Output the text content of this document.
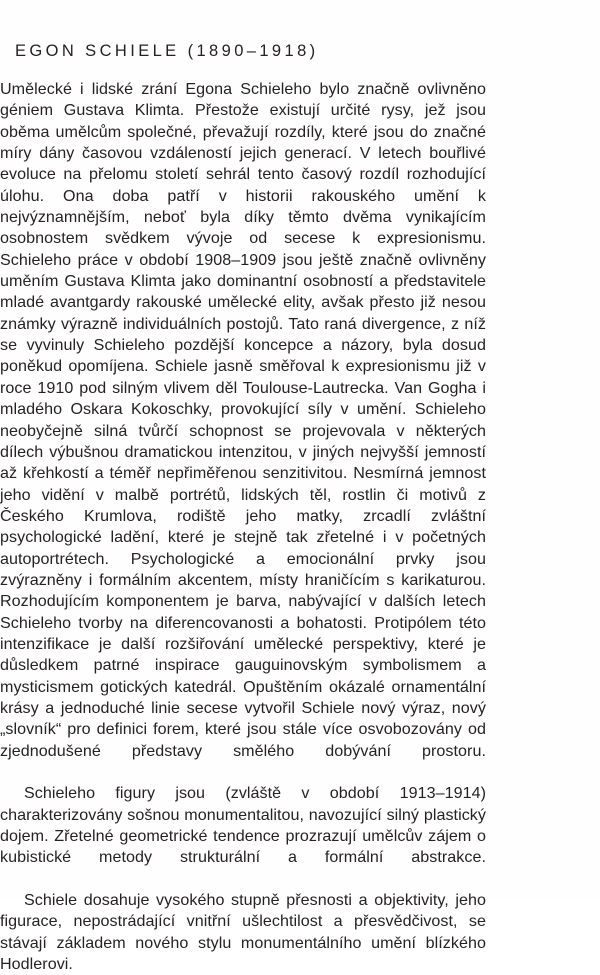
EGON SCHIELE (1890–1918)

Umělecké i lidské zrání Egona Schieleho bylo značně ovlivněno géniem Gustava Klimta. Přestože existují určité rysy, jež jsou oběma umělcům společné, převažují rozdíly, které jsou do značné míry dány časovou vzdáleností jejich generací. V letech bouřlivé evoluce na přelomu století sehrál tento časový rozdíl rozhodující úlohu. Ona doba patří v historii rakouského umění k nejvýznamnějším, neboť byla díky těmto dvěma vynikajícím osobnostem svědkem vývoje od secese k expresionismu. Schieleho práce v období 1908–1909 jsou ještě značně ovlivněny uměním Gustava Klimta jako dominantní osobností a představitele mladé avantgardy rakouské umělecké elity, avšak přesto již nesou známky výrazně individuálních postojů. Tato raná divergence, z níž se vyvinuly Schieleho pozdější koncepce a názory, byla dosud poněkud opomíjena. Schiele jasně směřoval k expresionismu již v roce 1910 pod silným vlivem děl Toulouse-Lautrecka. Van Gogha i mladého Oskara Kokoschky, provokující síly v umění. Schieleho neobyčejně silná tvůrčí schopnost se projevovala v některých dílech výbušnou dramatickou intenzitou, v jiných nejvyšší jemností až křehkostí a téměř nepřiměřenou senzitivitou. Nesmírná jemnost jeho vidění v malbě portrétů, lidských těl, rostlin či motivů z Českého Krumlova, rodiště jeho matky, zrcadlí zvláštní psychologické ladění, které je stejně tak zřetelné i v početných autoportrétech. Psychologické a emocionální prvky jsou zvýrazněny i formálním akcentem, místy hraničícím s karikaturou. Rozhodujícím komponentem je barva, nabývající v dalších letech Schieleho tvorby na diferencovanosti a bohatosti. Protipólem této intenzifikace je další rozšiřování umělecké perspektivy, které je důsledkem patrné inspirace gauguinovským symbolismem a mysticismem gotických katedrál. Opuštěním okázalé ornamentální krásy a jednoduché linie secese vytvořil Schiele nový výraz, nový „slovník“ pro definici forem, které jsou stále více osvobozovány od zjednodušené představy smělého dobývání prostoru.

Schieleho figury jsou (zvláště v období 1913–1914) charakterizovány sošnou monumentalitou, navozující silný plastický dojem. Zřetelné geometrické tendence prozrazují umělcův zájem o kubistické metody strukturální a formální abstrakce.

Schiele dosahuje vysokého stupně přesnosti a objektivity, jeho figurace, nepostrádající vnitřní ušlechtilost a přesvědčivost, se stávají základem nového stylu monumentálního umění blízkého Hodlerovi.
